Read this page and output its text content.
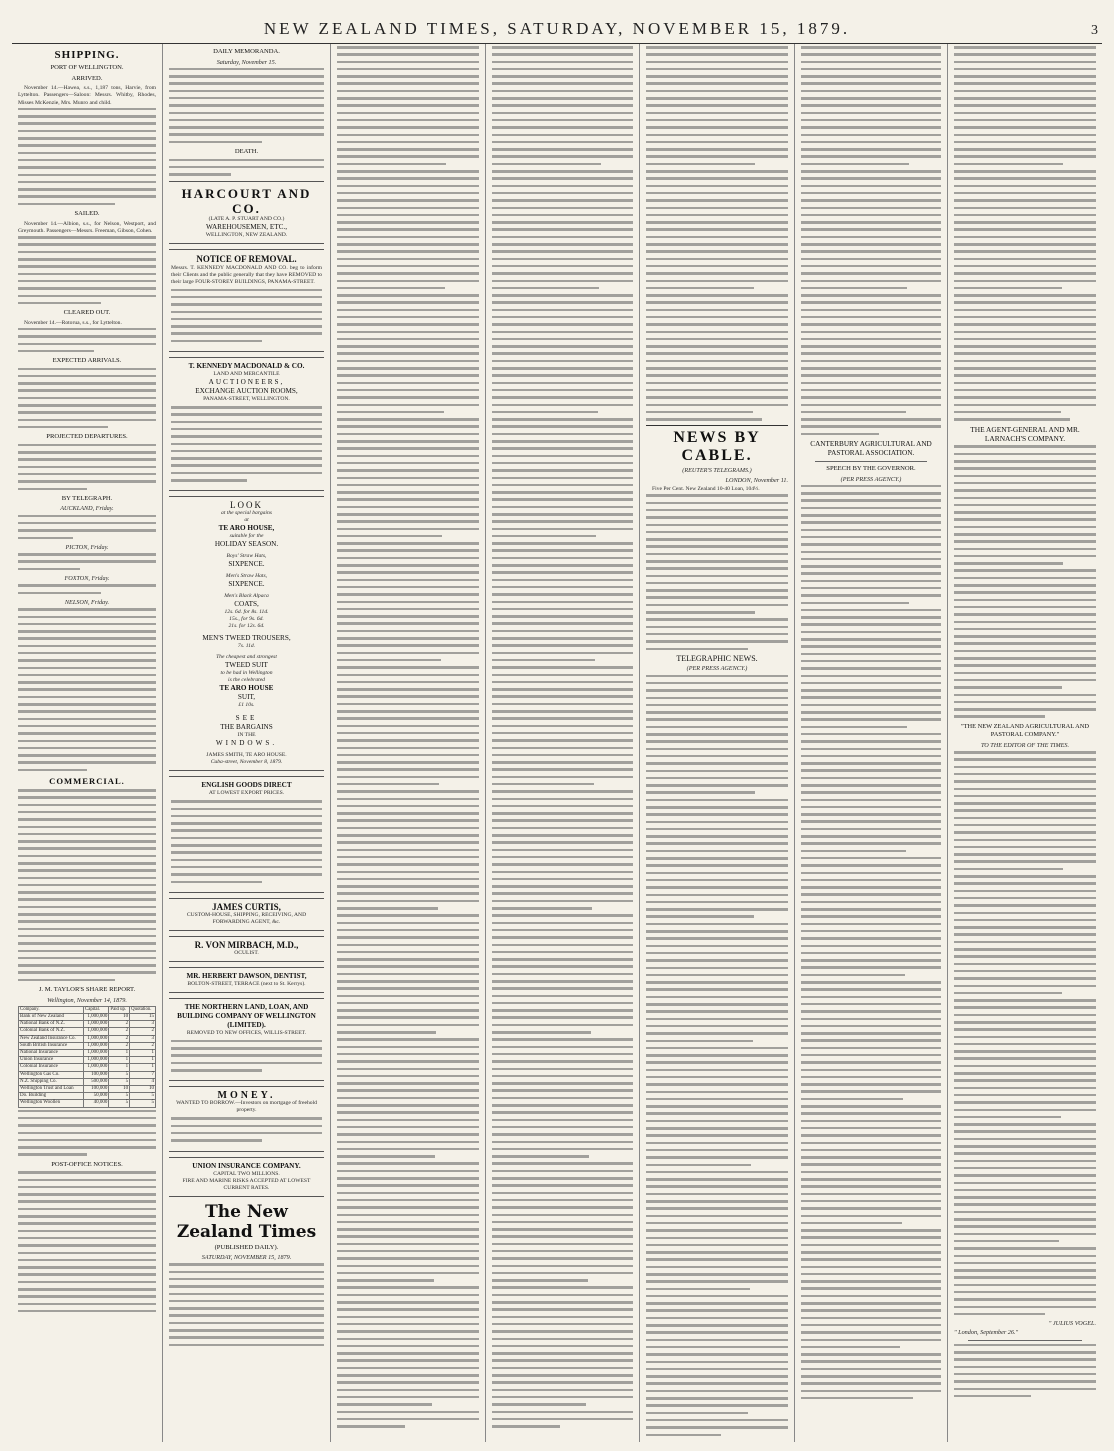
NEW ZEALAND TIMES, SATURDAY, NOVEMBER 15, 1879.	3
SHIPPING.
PORT OF WELLINGTON.
ARRIVED.
November 14.—Hawea, s.s., 1,187 tons, Harvie, from Lyttelton. Passengers—Saloon: Messrs. Whitby, Rhodes, Misses McKenzie, Mrs. Munro and child.
SAILED.
November 14.—Albion, s.s., for Nelson, Westport, and Greymouth. Passengers—Messrs. Freeman, Gibson, Cohen.
CLEARED OUT.
November 14.—Rotorua, s.s., for Lyttelton.
EXPECTED ARRIVALS.
PROJECTED DEPARTURES.
BY TELEGRAPH.
AUCKLAND, Friday.
PICTON, Friday.
FOXTON, Friday.
NELSON, Friday.
COMMERCIAL.
J. M. TAYLOR'S SHARE REPORT.
Wellington, November 14, 1879.
Company.	Capital.	Paid up.	Quotation.
Bank of New Zealand	1,000,000	10	15
National Bank of N.Z.	1,000,000	2	3
Colonial Bank of N.Z.	1,000,000	2	2
New Zealand Insurance Co.	1,000,000	2	3
South British Insurance	1,000,000	2	2
National Insurance	1,000,000	1	1
Union Insurance	1,000,000	1	1
Colonial Insurance	1,000,000	1	1
Wellington Gas Co.	100,000	5	7
N.Z. Shipping Co.	500,000	5	4
Wellington Trust and Loan	100,000	10	10
Do. Building	50,000	5	5
Wellington Woollen	40,000	5	5
POST-OFFICE NOTICES.
DAILY MEMORANDA.
Saturday, November 15.
DEATH.
HARCOURT AND CO.
(LATE A. P. STUART AND CO.)
WAREHOUSEMEN, ETC.,
WELLINGTON, NEW ZEALAND.
NOTICE OF REMOVAL.
Messrs. T. KENNEDY MACDONALD AND CO. beg to inform their Clients and the public generally that they have REMOVED to their large FOUR-STOREY BUILDINGS, PANAMA-STREET.
T. KENNEDY MACDONALD & CO.
LAND AND MERCANTILE
AUCTIONEERS,
EXCHANGE AUCTION ROOMS,
PANAMA-STREET, WELLINGTON.
LOOK
at the special bargains
at
TE ARO HOUSE,
suitable for the
HOLIDAY SEASON.
Boys' Straw Hats,
SIXPENCE.
Men's Straw Hats,
SIXPENCE.
Men's Black Alpaca
COATS,
12s. 6d. for 8s. 11d.
15s., for 9s. 6d.
21s. for 12s. 6d.
MEN'S TWEED TROUSERS,
7s. 11d.
The cheapest and strongest
TWEED SUIT
to be had in Wellington
is the celebrated
TE ARO HOUSE
SUIT,
£1 10s.
SEE
THE BARGAINS
IN THE
WINDOWS.
JAMES SMITH, TE ARO HOUSE.
Cuba-street, November 8, 1879.
ENGLISH GOODS DIRECT
AT LOWEST EXPORT PRICES.
JAMES CURTIS,
CUSTOM-HOUSE, SHIPPING, RECEIVING, AND FORWARDING AGENT, &c.
R. VON MIRBACH, M.D.,
OCULIST.
MR. HERBERT DAWSON, DENTIST,
BOLTON-STREET, TERRACE (next to St. Kerrys).
THE NORTHERN LAND, LOAN, AND BUILDING COMPANY OF WELLINGTON (LIMITED).
REMOVED TO NEW OFFICES, WILLIS-STREET.
MONEY.
WANTED TO BORROW.—Investors on mortgage of freehold property.
UNION INSURANCE COMPANY.
CAPITAL TWO MILLIONS.
FIRE AND MARINE RISKS ACCEPTED AT LOWEST CURRENT RATES.
The New Zealand Times
(PUBLISHED DAILY).
SATURDAY, NOVEMBER 15, 1879.
NEWS BY CABLE.
(REUTER'S TELEGRAMS.)
LONDON, November 11.
Five Per Cent. New Zealand 10-40 Loan, 104½.
TELEGRAPHIC NEWS.
(PER PRESS AGENCY.)
CANTERBURY AGRICULTURAL AND PASTORAL ASSOCIATION.
SPEECH BY THE GOVERNOR.
(PER PRESS AGENCY.)
THE AGENT-GENERAL AND MR. LARNACH'S COMPANY.
"THE NEW ZEALAND AGRICULTURAL AND PASTORAL COMPANY."
TO THE EDITOR OF THE TIMES.
" JULIUS VOGEL.
" London, September 26."
